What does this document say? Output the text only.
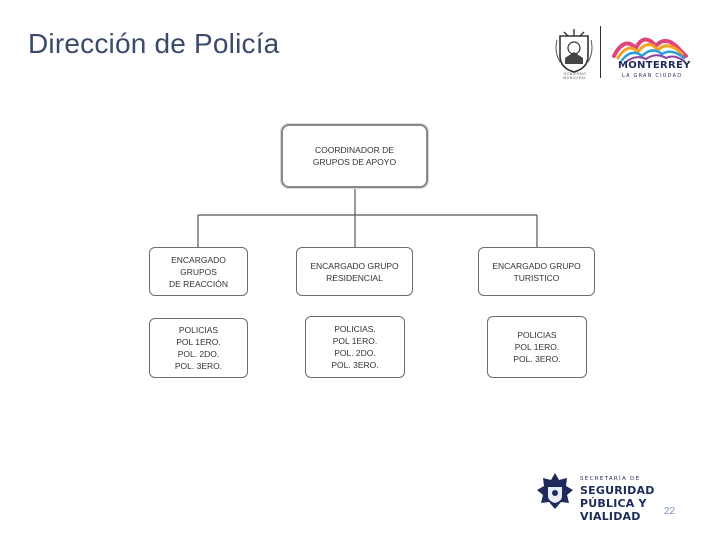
Dirección de Policía
GOBIERNO MUNICIPAL
MONTERREY
LA GRAN CIUDAD
COORDINADOR DE
GRUPOS DE APOYO
ENCARGADO GRUPOS
DE REACCIÓN
ENCARGADO GRUPO
RESIDENCIAL
ENCARGADO GRUPO
TURISTICO
POLICIAS
POL 1ERO.
POL. 2DO.
POL. 3ERO.
POLICIAS.
POL 1ERO.
POL. 2DO.
POL. 3ERO.
POLICIAS
POL 1ERO.
POL. 3ERO.
SECRETARÍA DE
SEGURIDAD
PÚBLICA Y VIALIDAD	22
